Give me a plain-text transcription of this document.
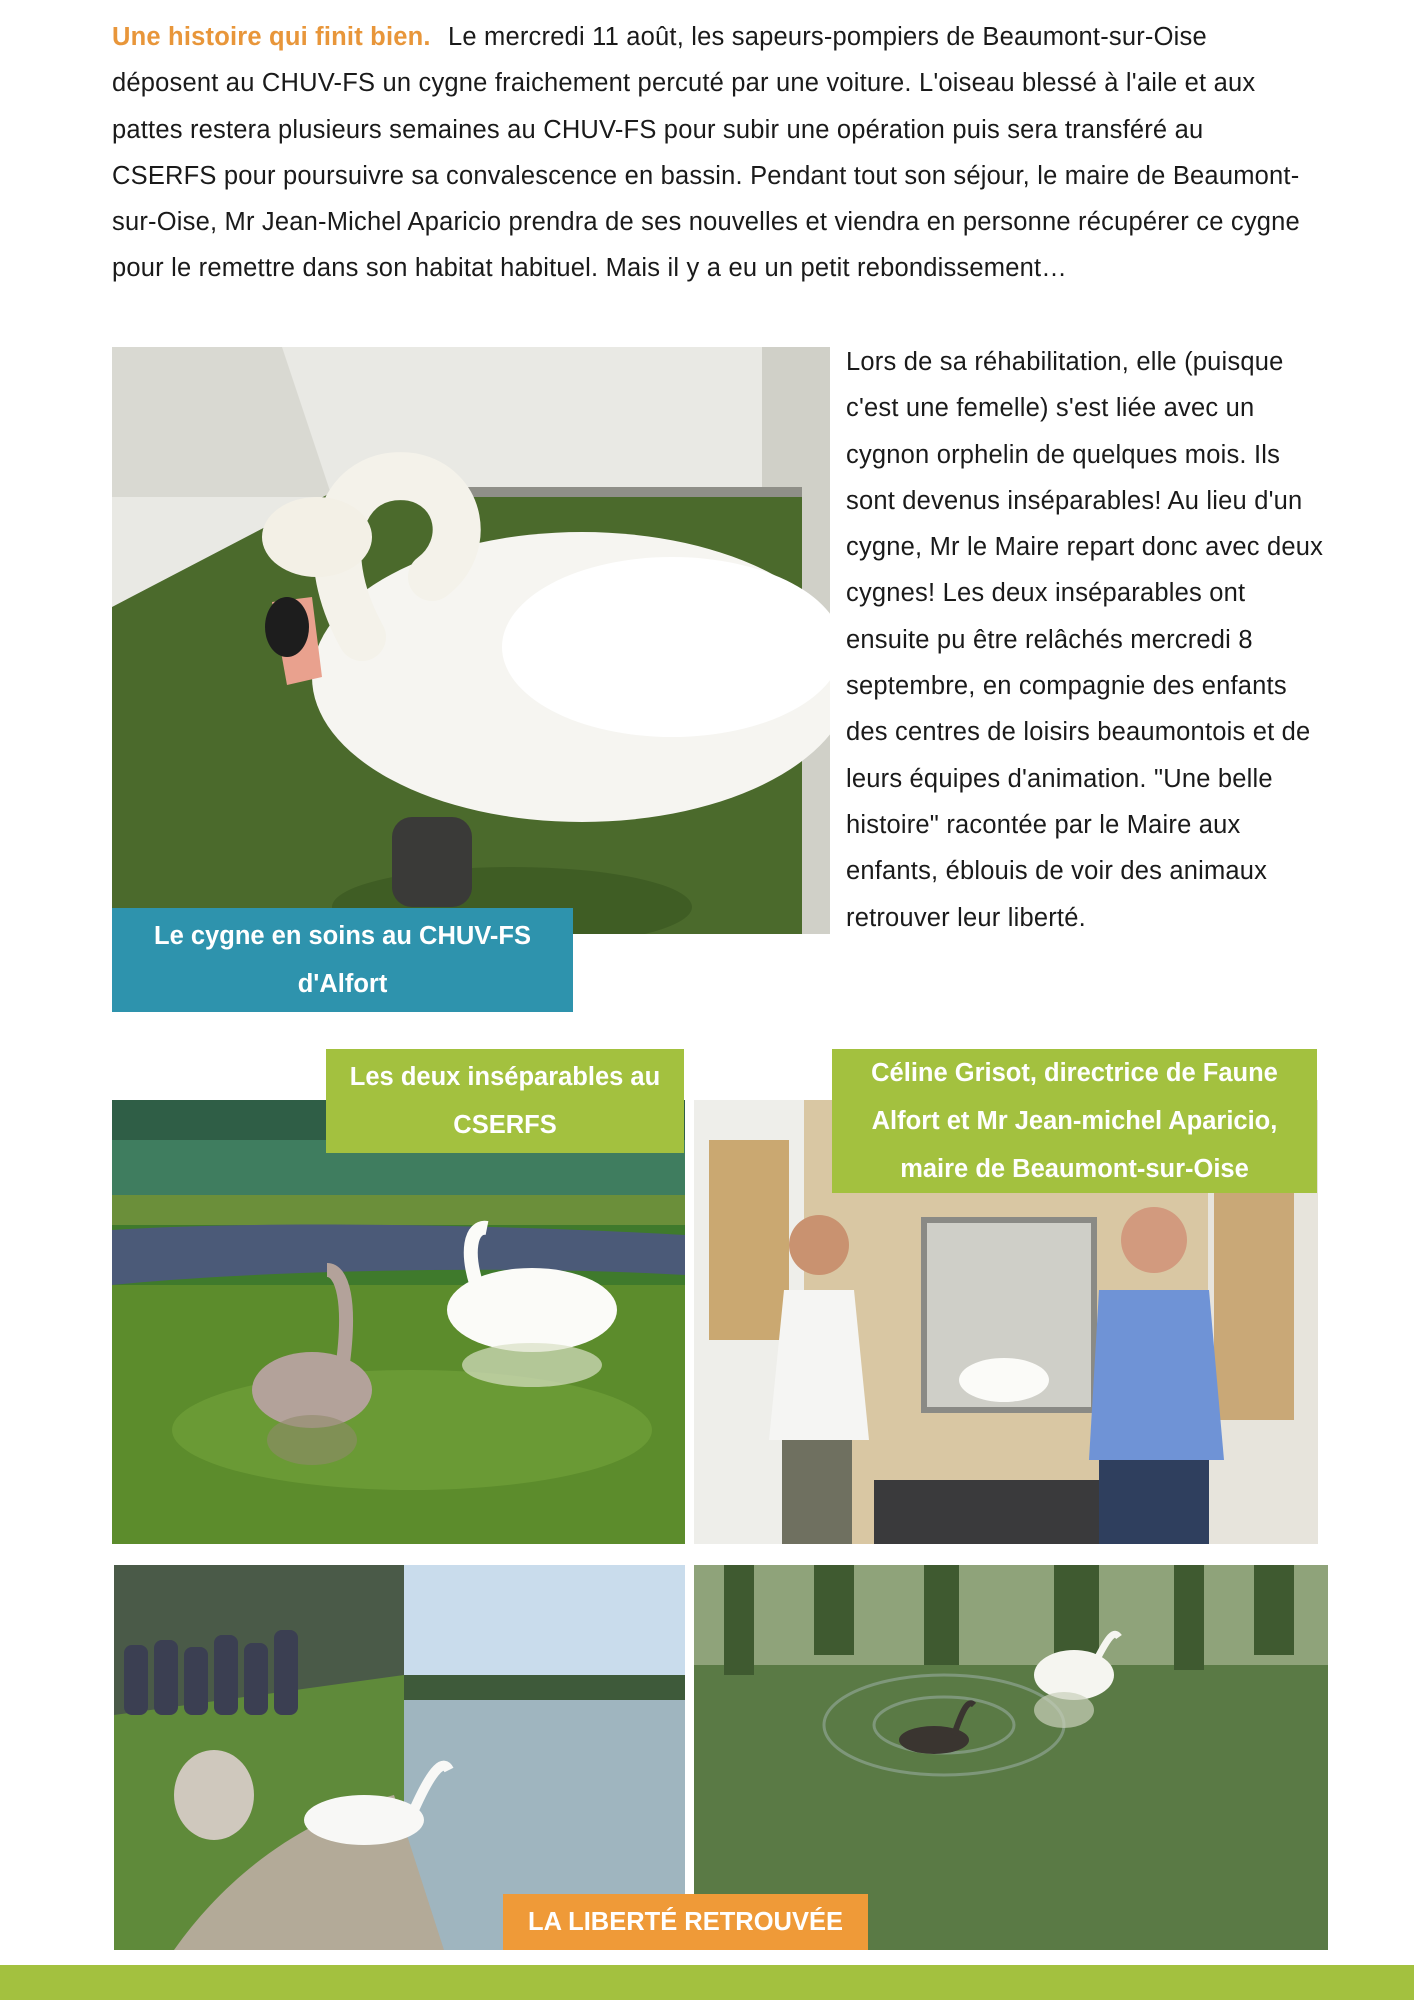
Une histoire qui finit bien. Le mercredi 11 août, les sapeurs-pompiers de Beaumont-sur-Oise déposent au CHUV-FS un cygne fraichement percuté par une voiture. L'oiseau blessé à l'aile et aux pattes restera plusieurs semaines au CHUV-FS pour subir une opération puis sera transféré au CSERFS pour poursuivre sa convalescence en bassin. Pendant tout son séjour, le maire de Beaumont-sur-Oise, Mr Jean-Michel Aparicio prendra de ses nouvelles et viendra en personne récupérer ce cygne pour le remettre dans son habitat habituel. Mais il y a eu un petit rebondissement…

Le cygne en soins au CHUV-FS d'Alfort

Lors de sa réhabilitation, elle (puisque c'est une femelle) s'est liée avec un cygnon orphelin de quelques mois. Ils sont devenus inséparables! Au lieu d'un cygne, Mr le Maire repart donc avec deux cygnes! Les deux inséparables ont ensuite pu être relâchés mercredi 8 septembre, en compagnie des enfants des centres de loisirs beaumontois et de leurs équipes d'animation. "Une belle histoire" racontée par le Maire aux enfants, éblouis de voir des animaux retrouver leur liberté.

Les deux inséparables au CSERFS
Céline Grisot, directrice de Faune Alfort et Mr Jean-michel Aparicio, maire de Beaumont-sur-Oise
LA LIBERTÉ RETROUVÉE
